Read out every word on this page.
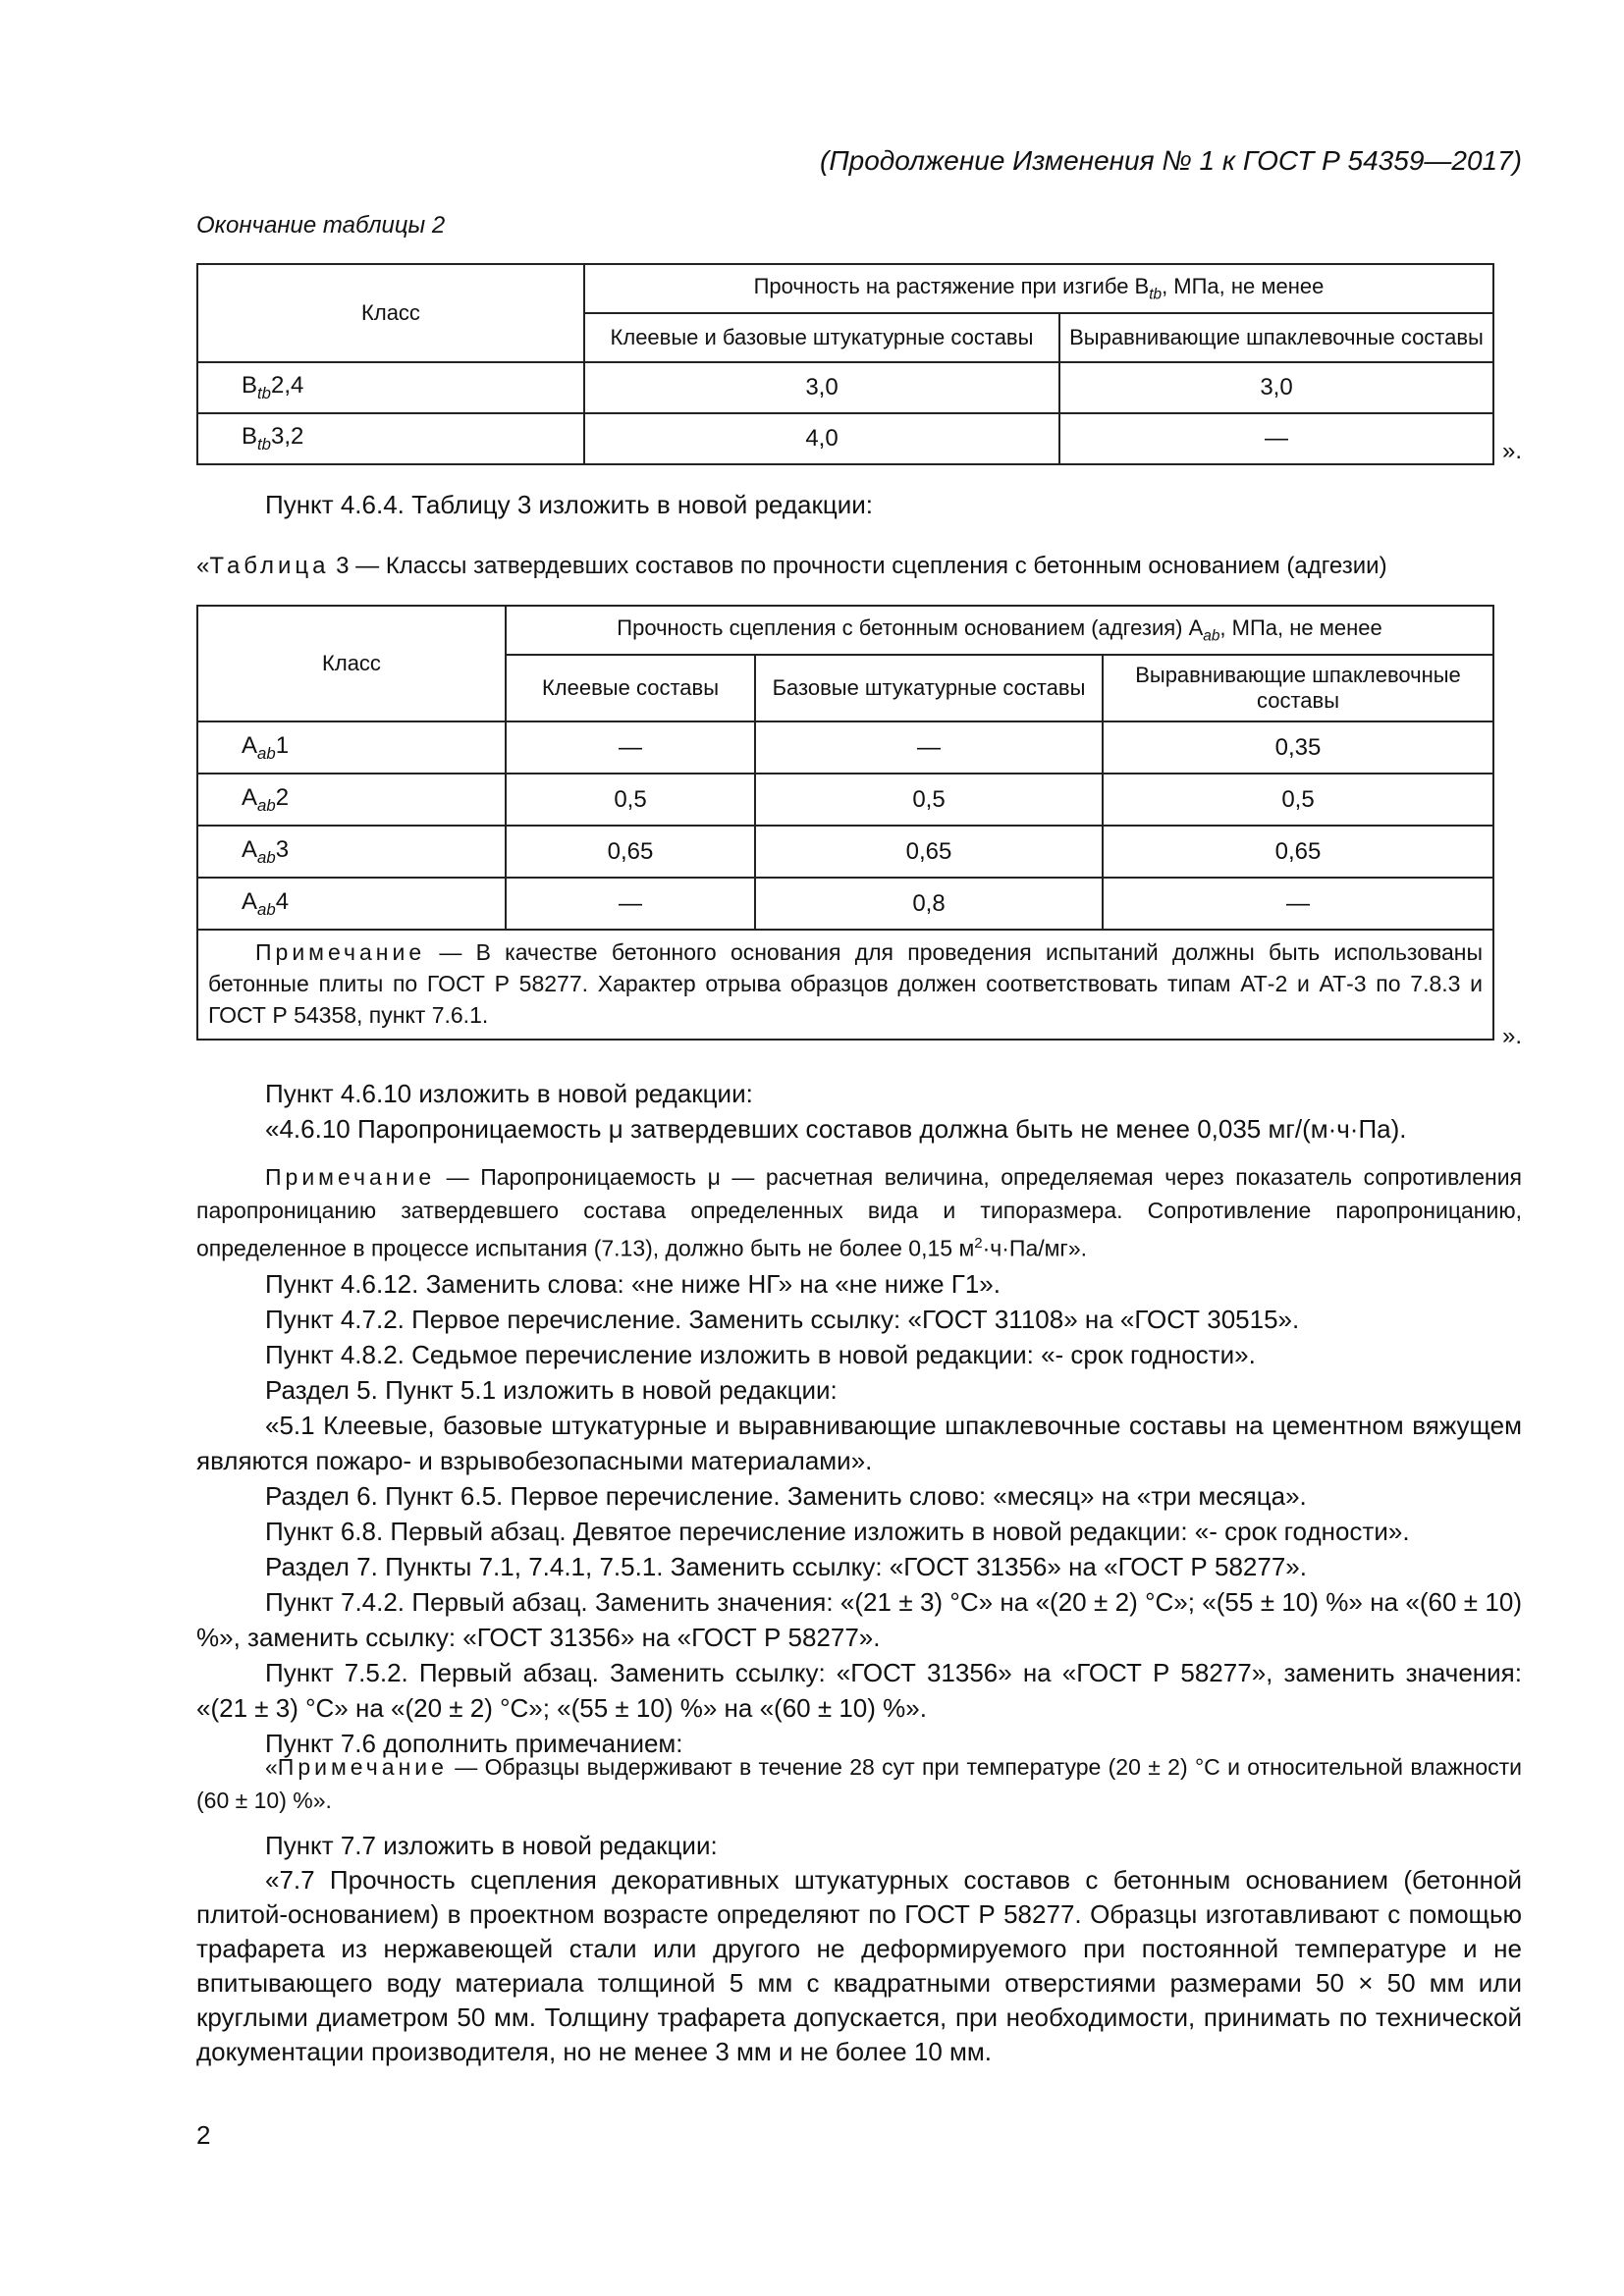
(Продолжение Изменения № 1 к ГОСТ Р 54359—2017)
Окончание таблицы 2
Класс	Прочность на растяжение при изгибе $B_{tb}$, МПа, не менее	
	Клеевые и базовые штукатурные составы	Выравнивающие шпаклевочные составы
$B_{tb}2,4$	3,0	3,0
$B_{tb}3,2$	4,0	—	».
Пункт 4.6.4. Таблицу 3 изложить в новой редакции:
«Таблица 3 — Классы затвердевших составов по прочности сцепления с бетонным основанием (адгезии)
Класс	Прочность сцепления с бетонным основанием (адгезия) $A_{ab}$, МПа, не менее		
	Клеевые составы	Базовые штукатурные составы	Выравнивающие шпаклевочные составы
$A_{ab}1$	—	—	0,35
$A_{ab}2$	0,5	0,5	0,5
$A_{ab}3$	0,65	0,65	0,65
$A_{ab}4$	—	0,8	—
Примечание — В качестве бетонного основания для проведения испытаний должны быть использованы бетонные плиты по ГОСТ Р 58277. Характер отрыва образцов должен соответствовать типам АТ-2 и АТ-3 по 7.8.3 и ГОСТ Р 54358, пункт 7.6.1.			
».
Пункт 4.6.10 изложить в новой редакции:
«4.6.10 Паропроницаемость μ затвердевших составов должна быть не менее 0,035 мг/(м·ч·Па).
Примечание — Паропроницаемость μ — расчетная величина, определяемая через показатель сопротивления паропроницанию затвердевшего состава определенных вида и типоразмера. Сопротивление паропроницанию, определенное в процессе испытания (7.13), должно быть не более 0,15 $м^2\cdot ч\cdot Па/мг$».
Пункт 4.6.12. Заменить слова: «не ниже НГ» на «не ниже Г1».
Пункт 4.7.2. Первое перечисление. Заменить ссылку: «ГОСТ 31108» на «ГОСТ 30515».
Пункт 4.8.2. Седьмое перечисление изложить в новой редакции: «- срок годности».
Раздел 5. Пункт 5.1 изложить в новой редакции:
«5.1 Клеевые, базовые штукатурные и выравнивающие шпаклевочные составы на цементном вяжущем являются пожаро- и взрывобезопасными материалами».
Раздел 6. Пункт 6.5. Первое перечисление. Заменить слово: «месяц» на «три месяца».
Пункт 6.8. Первый абзац. Девятое перечисление изложить в новой редакции: «- срок годности».
Раздел 7. Пункты 7.1, 7.4.1, 7.5.1. Заменить ссылку: «ГОСТ 31356» на «ГОСТ Р 58277».
Пункт 7.4.2. Первый абзац. Заменить значения: «(21 ± 3) °С» на «(20 ± 2) °С»; «(55 ± 10) %» на «(60 ± 10) %», заменить ссылку: «ГОСТ 31356» на «ГОСТ Р 58277».
Пункт 7.5.2. Первый абзац. Заменить ссылку: «ГОСТ 31356» на «ГОСТ Р 58277», заменить значения: «(21 ± 3) °С» на «(20 ± 2) °С»; «(55 ± 10) %» на «(60 ± 10) %».
Пункт 7.6 дополнить примечанием:
«Примечание — Образцы выдерживают в течение 28 сут при температуре (20 ± 2) °С и относительной влажности (60 ± 10) %».
Пункт 7.7 изложить в новой редакции:
«7.7 Прочность сцепления декоративных штукатурных составов с бетонным основанием (бетонной плитой-основанием) в проектном возрасте определяют по ГОСТ Р 58277. Образцы изготавливают с помощью трафарета из нержавеющей стали или другого не деформируемого при постоянной температуре и не впитывающего воду материала толщиной 5 мм с квадратными отверстиями размерами 50 × 50 мм или круглыми диаметром 50 мм. Толщину трафарета допускается, при необходимости, принимать по технической документации производителя, но не менее 3 мм и не более 10 мм.
2
